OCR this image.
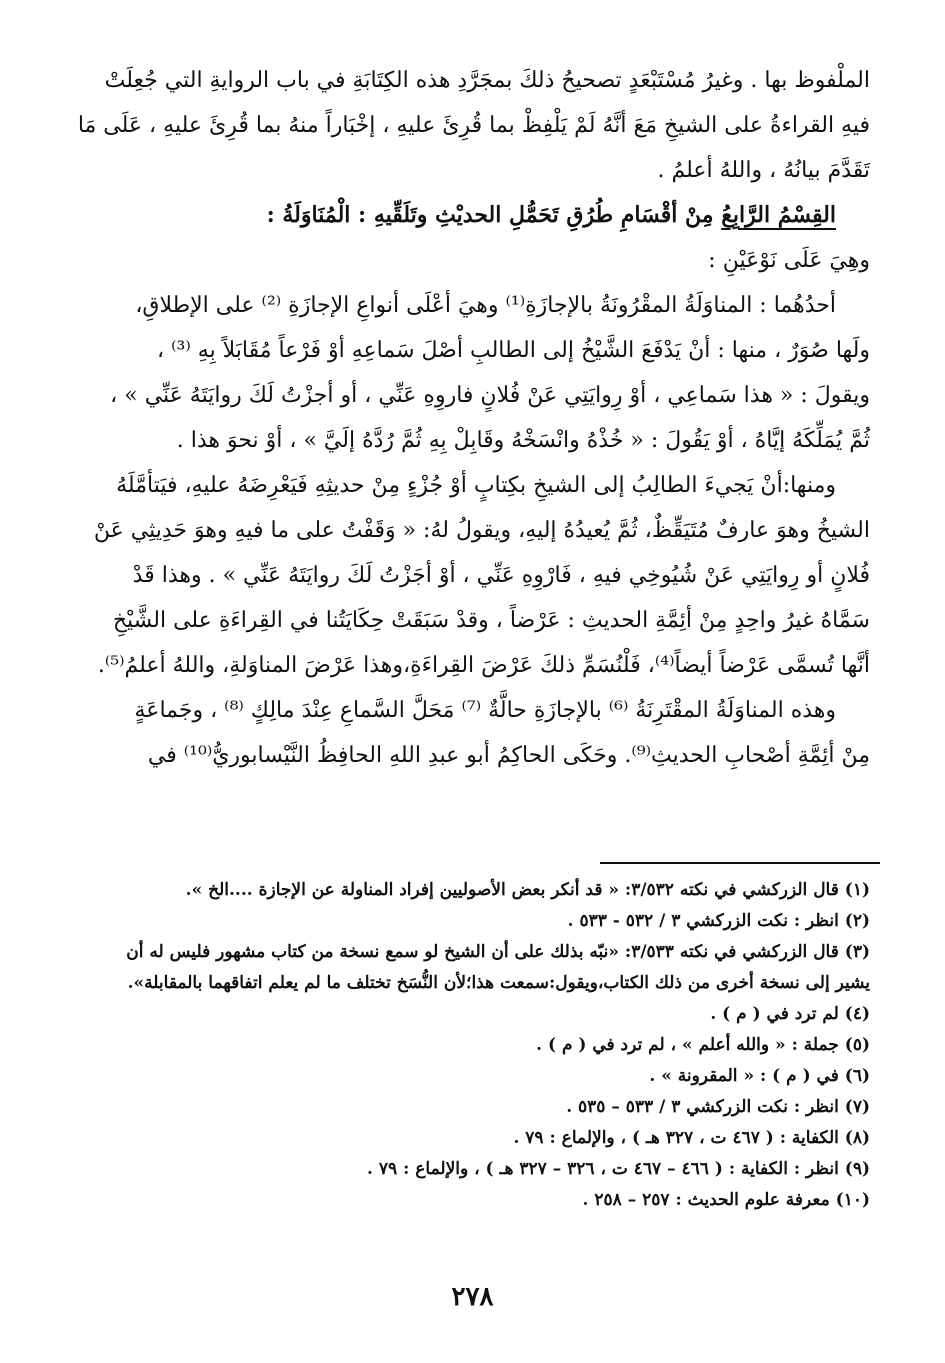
الملْفوظ بها . وغيرُ مُسْتَبْعَدٍ تصحيحُ ذلكَ بمجَرَّدِ هذه الكِتَابَةِ في باب الروايةِ التي جُعِلَتْ
فيهِ القراءةُ على الشيخِ مَعَ أنَّهُ لَمْ يَلْفِظْ بما قُرِئَ عليهِ ، إخْبَاراً منهُ بما قُرِئَ عليهِ ، عَلَى مَا
تَقَدَّمَ بيانُهُ ، واللهُ أعلمُ .
القِسْمُ الرَّابِعُ مِنْ أقْسَامِ طُرُقِ تَحَمُّلِ الحديْثِ وتَلَقِّيهِ : الْمُنَاوَلَةُ :
وهِيَ عَلَى نَوْعَيْنِ :
أحدُهُما : المناوَلَةُ المقْرُونَةُ بالإجازَةِ⁽¹⁾ وهيَ أعْلَى أنواعِ الإجازَةِ ⁽²⁾ على الإطلاقِ،
ولَها صُوَرٌ ، منها : أنْ يَدْفَعَ الشَّيْخُ إلى الطالبِ أصْلَ سَماعِهِ أوْ فَرْعاً مُقَابَلاً بِهِ ⁽³⁾ ،
ويقولَ : « هذا سَماعِي ، أوْ رِوايَتِي عَنْ فُلانٍ فاروِهِ عَنِّي ، أو أجزْتُ لَكَ روايَتَهُ عَنِّي » ،
ثُمَّ يُمَلِّكَهُ إيَّاهُ ، أوْ يَقُولَ : « خُذْهُ وانْسَخْهُ وقَابِلْ بِهِ ثُمَّ رُدَّهُ إلَيَّ » ، أوْ نحوَ هذا .
ومنها:أنْ يَجيءَ الطالِبُ إلى الشيخِ بكِتابٍ أوْ جُزْءٍ مِنْ حديثِهِ فَيَعْرِضَهُ عليهِ، فيَتأمَّلَهُ
الشيخُ وهوَ عارفٌ مُتَيَقِّظٌ، ثُمَّ يُعيدُهُ إليهِ، ويقولُ لهُ: « وَقَفْتُ على ما فيهِ وهوَ حَدِيثِي عَنْ
فُلانٍ أو رِوايَتِي عَنْ شُيُوخِي فيهِ ، فَارْوِهِ عَنِّي ، أوْ أجَزْتُ لَكَ روايَتَهُ عَنِّي » . وهذا قَدْ
سَمَّاهُ غيرُ واحِدٍ مِنْ أئِمَّةِ الحديثِ : عَرْضاً ، وقدْ سَبَقَتْ حِكَايَتُنا في القِراءَةِ على الشَّيْخِ
أنَّها تُسمَّى عَرْضاً أيضاً⁽⁴⁾، فَلْنُسَمِّ ذلكَ عَرْضَ القِراءَةِ،وهذا عَرْضَ المناوَلةِ، واللهُ أعلمُ⁽⁵⁾.
وهذه المناوَلَةُ المقْتَرِنَةُ ⁽⁶⁾ بالإجازَةِ حالَّةٌ ⁽⁷⁾ مَحَلَّ السَّماعِ عِنْدَ مالِكٍ ⁽⁸⁾ ، وجَماعَةٍ
مِنْ أئِمَّةِ أصْحابِ الحديثِ⁽⁹⁾. وحَكَى الحاكِمُ أبو عبدِ اللهِ الحافِظُ النَّيْسابوريُّ⁽¹⁰⁾ في
(١) قال الزركشي في نكته ٣/٥٣٢: « قد أنكر بعض الأصوليين إفراد المناولة عن الإجازة ....الخ ».
(٢) انظر : نكت الزركشي ٣ / ٥٣٢ - ٥٣٣ .
(٣) قال الزركشي في نكته ٣/٥٣٣: «نبّه بذلك على أن الشيخ لو سمع نسخة من كتاب مشهور فليس له أن
يشير إلى نسخة أخرى من ذلك الكتاب،ويقول:سمعت هذا؛لأن النُّسَخ تختلف ما لم يعلم اتفاقهما بالمقابلة».
(٤) لم ترد في ( م ) .
(٥) جملة : « والله أعلم » ، لم ترد في ( م ) .
(٦) في ( م ) : « المقرونة » .
(٧) انظر : نكت الزركشي ٣ / ٥٣٣ – ٥٣٥ .
(٨) الكفاية : ( ٤٦٧ ت ، ٣٢٧ هـ ) ، والإلماع : ٧٩ .
(٩) انظر : الكفاية : ( ٤٦٦ – ٤٦٧ ت ، ٣٢٦ – ٣٢٧ هـ ) ، والإلماع : ٧٩ .
(١٠) معرفة علوم الحديث : ٢٥٧ – ٢٥٨ .
٢٧٨
